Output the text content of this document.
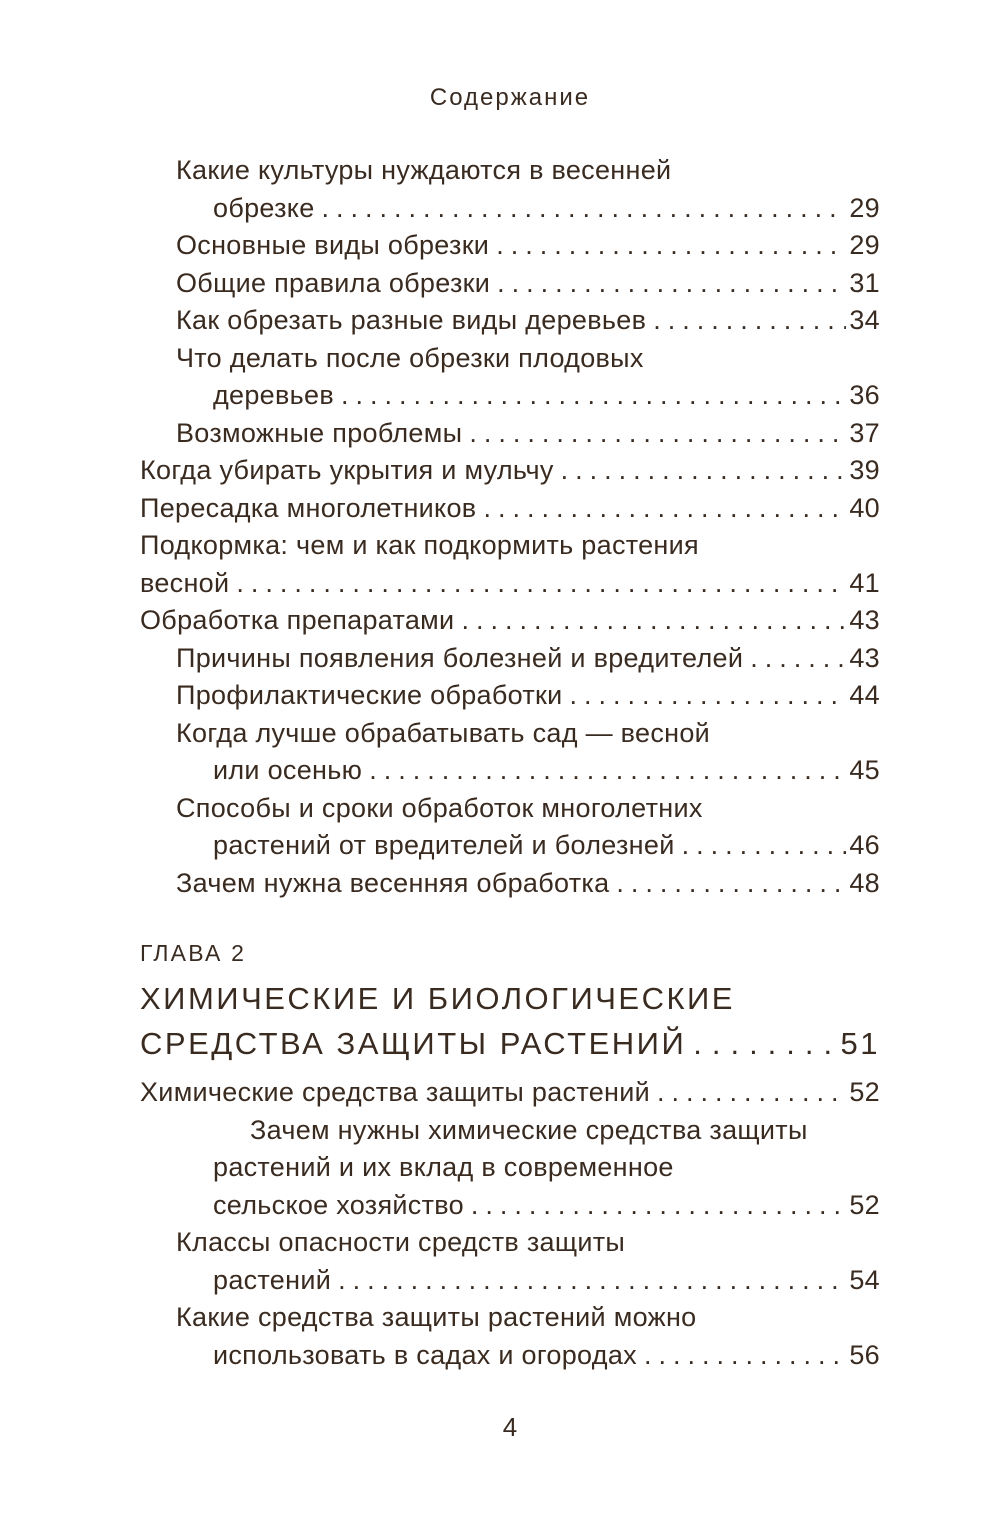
Содержание
Какие культуры нуждаются в весенней
обрезке .....	29
Основные виды обрезки .....	29
Общие правила обрезки .....	31
Как обрезать разные виды деревьев .....	34
Что делать после обрезки плодовых
деревьев .....	36
Возможные проблемы .....	37
Когда убирать укрытия и мульчу .....	39
Пересадка многолетников .....	40
Подкормка: чем и как подкормить растения
весной .....	41
Обработка препаратами .....	43
Причины появления болезней и вредителей .....	43
Профилактические обработки .....	44
Когда лучше обрабатывать сад — весной
или осенью .....	45
Способы и сроки обработок многолетних
растений от вредителей и болезней .....	46
Зачем нужна весенняя обработка .....	48
ГЛАВА 2
ХИМИЧЕСКИЕ И БИОЛОГИЧЕСКИЕ
СРЕДСТВА ЗАЩИТЫ РАСТЕНИЙ .....	51
Химические средства защиты растений .....	52
Зачем нужны химические средства защиты
растений и их вклад в современное
сельское хозяйство .....	52
Классы опасности средств защиты
растений .....	54
Какие средства защиты растений можно
использовать в садах и огородах .....	56
4
